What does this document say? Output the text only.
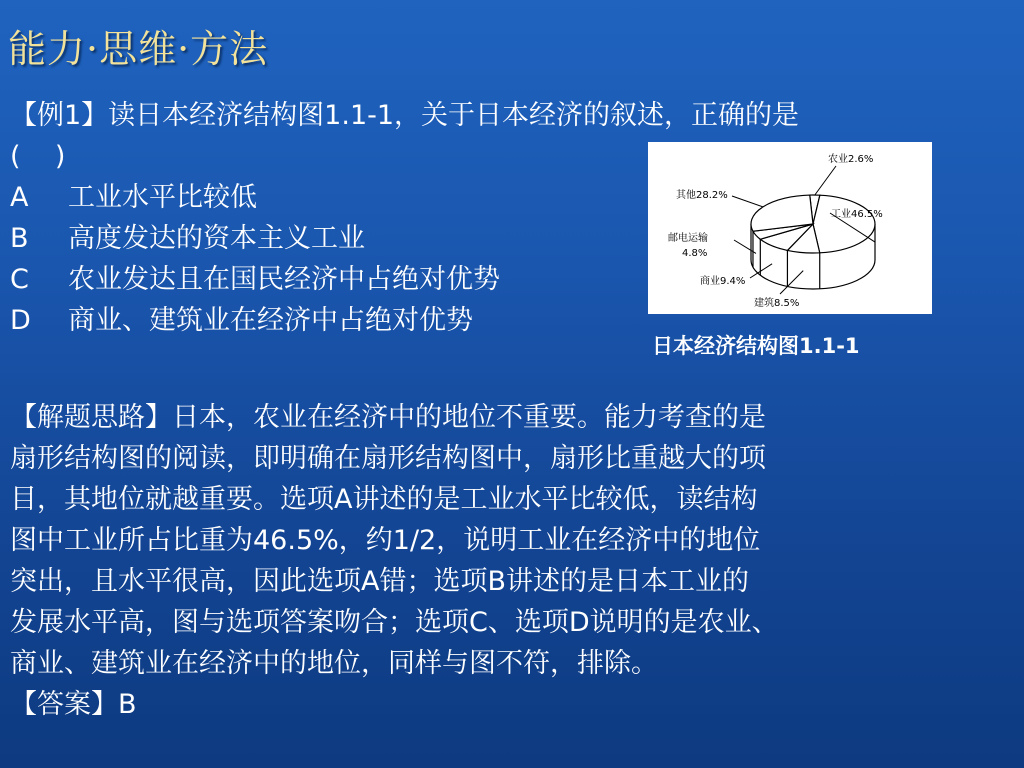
能力·思维·方法
【例1】读日本经济结构图1.1-1，关于日本经济的叙述，正确的是
(    )
A 工业水平比较低
B 高度发达的资本主义工业
C 农业发达且在国民经济中占绝对优势
D 商业、建筑业在经济中占绝对优势
农业2.6%
工业46.5%
建筑8.5%
商业9.4%
邮电运输
其他28.2%
4.8%
日本经济结构图1.1-1
【解题思路】日本，农业在经济中的地位不重要。能力考查的是
扇形结构图的阅读，即明确在扇形结构图中，扇形比重越大的项
目，其地位就越重要。选项A讲述的是工业水平比较低，读结构
图中工业所占比重为46.5%，约1/2，说明工业在经济中的地位
突出，且水平很高，因此选项A错；选项B讲述的是日本工业的
发展水平高，图与选项答案吻合；选项C、选项D说明的是农业、
商业、建筑业在经济中的地位，同样与图不符，排除。
【答案】B
